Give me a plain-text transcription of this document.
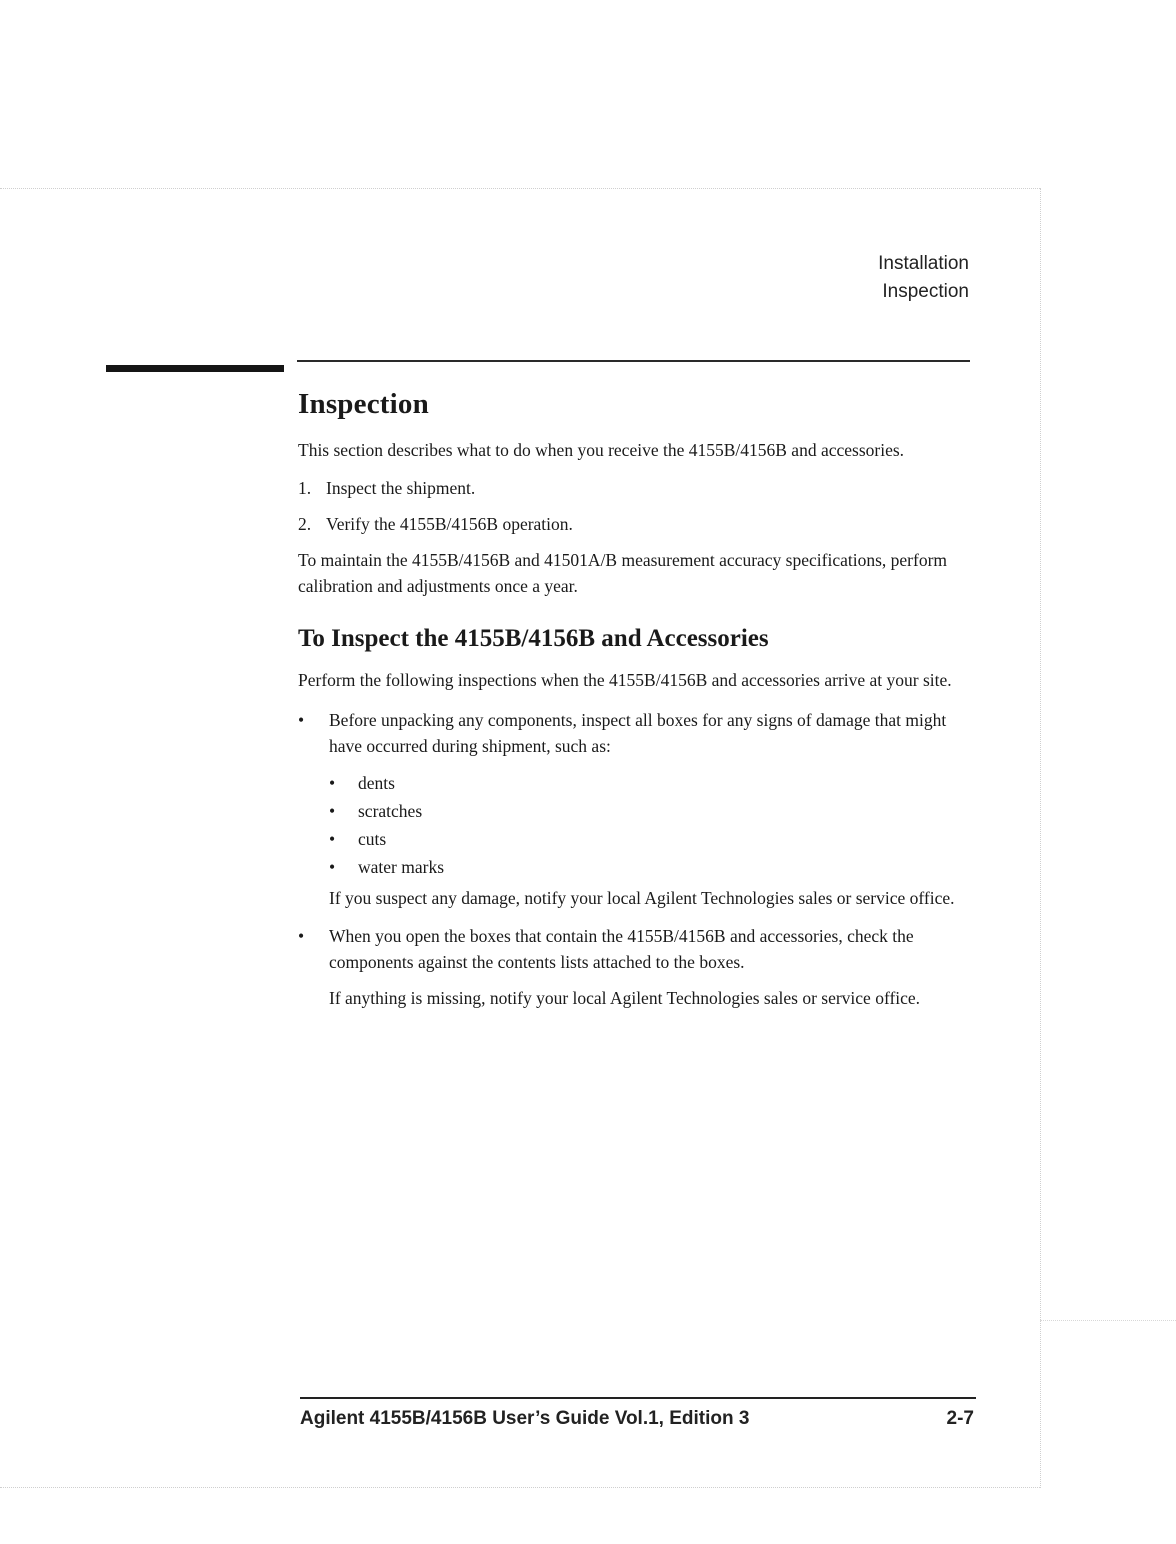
Installation
Inspection
Inspection

This section describes what to do when you receive the 4155B/4156B and accessories.

1. Inspect the shipment.
2. Verify the 4155B/4156B operation.

To maintain the 4155B/4156B and 41501A/B measurement accuracy specifications, perform calibration and adjustments once a year.

To Inspect the 4155B/4156B and Accessories

Perform the following inspections when the 4155B/4156B and accessories arrive at your site.

• Before unpacking any components, inspect all boxes for any signs of damage that might have occurred during shipment, such as:
• dents
• scratches
• cuts
• water marks
If you suspect any damage, notify your local Agilent Technologies sales or service office.
• When you open the boxes that contain the 4155B/4156B and accessories, check the components against the contents lists attached to the boxes.
If anything is missing, notify your local Agilent Technologies sales or service office.
Agilent 4155B/4156B User’s Guide Vol.1, Edition 3	2-7
